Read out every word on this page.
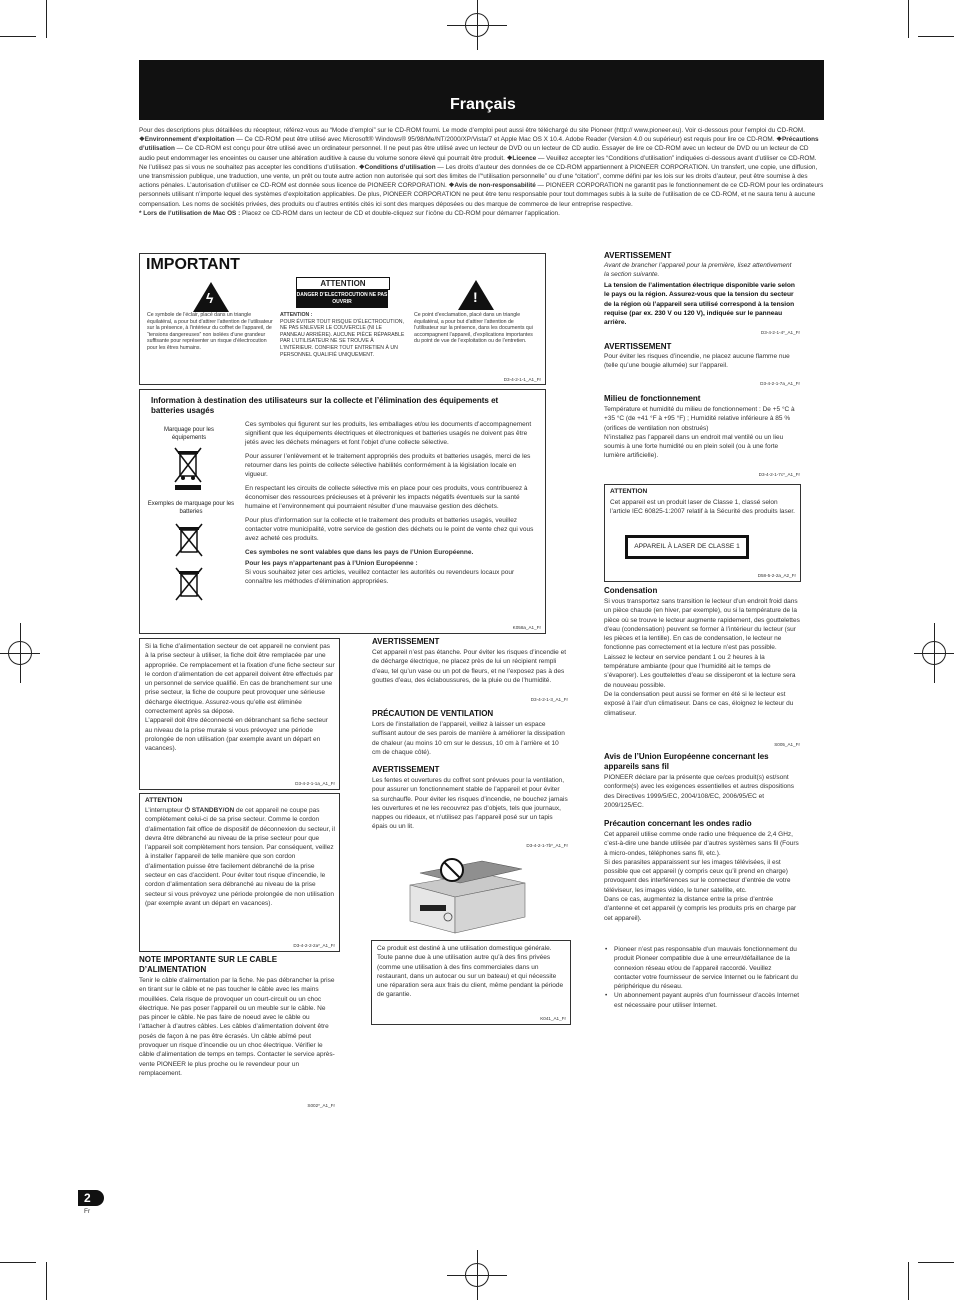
Français
Pour des descriptions plus détaillées du récepteur, référez-vous au “Mode d’emploi” sur le CD-ROM fourni. Le mode d’emploi peut aussi être téléchargé du site Pioneer (http:// www.pioneer.eu). Voir ci-dessous pour l’emploi du CD-ROM.
❖Environnement d’exploitation — Ce CD-ROM peut être utilisé avec Microsoft® Windows® 95/98/Me/NT/2000/XP/Vista/7 et Apple Mac OS X 10.4. Adobe Reader (Version 4.0 ou supérieur) est requis pour lire ce CD-ROM. ❖Précautions d’utilisation — Ce CD-ROM est conçu pour être utilisé avec un ordinateur personnel. Il ne peut pas être utilisé avec un lecteur de DVD ou un lecteur de CD audio. Essayer de lire ce CD-ROM avec un lecteur de DVD ou un lecteur de CD audio peut endommager les enceintes ou causer une altération auditive à cause du volume sonore élevé qui pourrait être produit. ❖Licence — Veuillez accepter les “Conditions d’utilisation” indiquées ci-dessous avant d’utiliser ce CD-ROM. Ne l’utilisez pas si vous ne souhaitez pas accepter les conditions d’utilisation. ❖Conditions d’utilisation — Les droits d’auteur des données de ce CD-ROM appartiennent à PIONEER CORPORATION. Un transfert, une copie, une diffusion, une transmission publique, une traduction, une vente, un prêt ou toute autre action non autorisée qui sort des limites de l’“utilisation personnelle” ou d’une “citation”, comme défini par les lois sur les droits d’auteur, peut être soumise à des actions pénales. L’autorisation d’utiliser ce CD-ROM est donnée sous licence de PIONEER CORPORATION. ❖Avis de non-responsabilité — PIONEER CORPORATION ne garantit pas le fonctionnement de ce CD-ROM pour les ordinateurs personnels utilisant n’importe lequel des systèmes d’exploitation applicables. De plus, PIONEER CORPORATION ne peut être tenu responsable pour tout dommages subis à la suite de l’utilisation de ce CD-ROM, et ne saura tenu à aucune compensation. Les noms de sociétés privées, des produits ou d’autres entités cités ici sont des marques déposées ou des marque de commerce de leur entreprise respective.
* Lors de l’utilisation de Mac OS : Placez ce CD-ROM dans un lecteur de CD et double-cliquez sur l’icône du CD-ROM pour démarrer l’application.
IMPORTANT
ϟ
ATTENTION
DANGER D’ELECTROCUTION NE PAS OUVRIR	!
Ce symbole de l’éclair, placé dans un triangle équilatéral, a pour but d’attirer l’attention de l’utilisateur sur la présence, à l’intérieur du coffret de l’appareil, de “tensions dangereuses” non isolées d’une grandeur suffisante pour représenter un risque d’électrocution pour les êtres humains.
ATTENTION :
POUR ÉVITER TOUT RISQUE D’ÉLECTROCUTION, NE PAS ENLEVER LE COUVERCLE (NI LE PANNEAU ARRIÈRE). AUCUNE PIÈCE RÉPARABLE PAR L’UTILISATEUR NE SE TROUVE À L’INTÉRIEUR. CONFIER TOUT ENTRETIEN À UN PERSONNEL QUALIFIÉ UNIQUEMENT.
Ce point d’exclamation, placé dans un triangle équilatéral, a pour but d’attirer l’attention de l’utilisateur sur la présence, dans les documents qui accompagnent l’appareil, d’explications importantes du point de vue de l’exploitation ou de l’entretien.
D3-4-2-1-1_A1_Fr
Information à destination des utilisateurs sur la collecte et l’élimination des équipements et batteries usagés
Marquage pour les équipements
Exemples de marquage pour les batteries
Ces symboles qui figurent sur les produits, les emballages et/ou les documents d’accompagnement signifient que les équipements électriques et électroniques et batteries usagés ne doivent pas être jetés avec les déchets ménagers et font l’objet d’une collecte sélective.
Pour assurer l’enlèvement et le traitement appropriés des produits et batteries usagés, merci de les retourner dans les points de collecte sélective habilités conformément à la législation locale en vigueur.
En respectant les circuits de collecte sélective mis en place pour ces produits, vous contribuerez à économiser des ressources précieuses et à prévenir les impacts négatifs éventuels sur la santé humaine et l’environnement qui pourraient résulter d’une mauvaise gestion des déchets.
Pour plus d’information sur la collecte et le traitement des produits et batteries usagés, veuillez contacter votre municipalité, votre service de gestion des déchets ou le point de vente chez qui vous avez acheté ces produits.
Ces symboles ne sont valables que dans les pays de l’Union Européenne.
Pour les pays n’appartenant pas à l’Union Européenne :
Si vous souhaitez jeter ces articles, veuillez contacter les autorités ou revendeurs locaux pour connaître les méthodes d’élimination appropriées.
K058a_A1_Fr
Si la fiche d’alimentation secteur de cet appareil ne convient pas à la prise secteur à utiliser, la fiche doit être remplacée par une appropriée. Ce remplacement et la fixation d’une fiche secteur sur le cordon d’alimentation de cet appareil doivent être effectués par un personnel de service qualifié. En cas de branchement sur une prise secteur, la fiche de coupure peut provoquer une sérieuse décharge électrique. Assurez-vous qu’elle est éliminée correctement après sa dépose.
L’appareil doit être déconnecté en débranchant sa fiche secteur au niveau de la prise murale si vous prévoyez une période prolongée de non utilisation (par exemple avant un départ en vacances).
D3-4-2-1-1a_A1_Fr
ATTENTION
L’interrupteur ⏻ STANDBY/ON de cet appareil ne coupe pas complètement celui-ci de sa prise secteur. Comme le cordon d’alimentation fait office de dispositif de déconnexion du secteur, il devra être débranché au niveau de la prise secteur pour que l’appareil soit complètement hors tension. Par conséquent, veillez à installer l’appareil de telle manière que son cordon d’alimentation puisse être facilement débranché de la prise secteur en cas d’accident. Pour éviter tout risque d’incendie, le cordon d’alimentation sera débranché au niveau de la prise secteur si vous prévoyez une période prolongée de non utilisation (par exemple avant un départ en vacances).
D3-4-2-2-2a*_A1_Fr
NOTE IMPORTANTE SUR LE CABLE D’ALIMENTATION
Tenir le câble d’alimentation par la fiche. Ne pas débrancher la prise en tirant sur le câble et ne pas toucher le câble avec les mains mouillées. Cela risque de provoquer un court-circuit ou un choc électrique. Ne pas poser l’appareil ou un meuble sur le câble. Ne pas pincer le câble. Ne pas faire de noeud avec le câble ou l’attacher à d’autres câbles. Les câbles d’alimentation doivent être posés de façon à ne pas être écrasés. Un câble abîmé peut provoquer un risque d’incendie ou un choc électrique. Vérifier le câble d’alimentation de temps en temps. Contacter le service après-vente PIONEER le plus proche ou le revendeur pour un remplacement.
S002*_A1_Fr
AVERTISSEMENT
Cet appareil n’est pas étanche. Pour éviter les risques d’incendie et de décharge électrique, ne placez près de lui un récipient rempli d’eau, tel qu’un vase ou un pot de fleurs, et ne l’exposez pas à des gouttes d’eau, des éclaboussures, de la pluie ou de l’humidité.
D3-4-2-1-3_A1_Fr
PRÉCAUTION DE VENTILATION
Lors de l’installation de l’appareil, veillez à laisser un espace suffisant autour de ses parois de manière à améliorer la dissipation de chaleur (au moins 10 cm sur le dessus, 10 cm à l’arrière et 10 cm de chaque côté).
AVERTISSEMENT
Les fentes et ouvertures du coffret sont prévues pour la ventilation, pour assurer un fonctionnement stable de l’appareil et pour éviter sa surchauffe. Pour éviter les risques d’incendie, ne bouchez jamais les ouvertures et ne les recouvrez pas d’objets, tels que journaux, nappes ou rideaux, et n’utilisez pas l’appareil posé sur un tapis épais ou un lit.
D3-4-2-1-7b*_A1_Fr
Ce produit est destiné à une utilisation domestique générale. Toute panne due à une utilisation autre qu’à des fins privées (comme une utilisation à des fins commerciales dans un restaurant, dans un autocar ou sur un bateau) et qui nécessite une réparation sera aux frais du client, même pendant la période de garantie.
K041_A1_Fr
AVERTISSEMENT
Avant de brancher l’appareil pour la première, lisez attentivement la section suivante.
La tension de l’alimentation électrique disponible varie selon le pays ou la région. Assurez-vous que la tension du secteur de la région où l’appareil sera utilisé correspond à la tension requise (par ex. 230 V ou 120 V), indiquée sur le panneau arrière.
D3-4-2-1-4*_A1_Fr
AVERTISSEMENT
Pour éviter les risques d’incendie, ne placez aucune flamme nue (telle qu’une bougie allumée) sur l’appareil.
D3-4-2-1-7a_A1_Fr
Milieu de fonctionnement
Température et humidité du milieu de fonctionnement : De +5 °C à +35 °C (de +41 °F à +95 °F) ; Humidité relative inférieure à 85 % (orifices de ventilation non obstrués)
N’installez pas l’appareil dans un endroit mal ventilé ou un lieu soumis à une forte humidité ou en plein soleil (ou à une forte lumière artificielle).
D3-4-2-1-7c*_A1_Fr
ATTENTION
Cet appareil est un produit laser de Classe 1, classé selon l’article IEC 60825-1:2007 relatif à la Sécurité des produits laser.
APPAREIL À LASER DE CLASSE 1
D58-5-2-2a_A2_Fr
Condensation
Si vous transportez sans transition le lecteur d’un endroit froid dans un pièce chaude (en hiver, par exemple), ou si la température de la pièce où se trouve le lecteur augmente rapidement, des gouttelettes d’eau (condensation) peuvent se former à l’intérieur du lecteur (sur les pièces et la lentille). En cas de condensation, le lecteur ne fonctionne pas correctement et la lecture n’est pas possible. Laissez le lecteur en service pendant 1 ou 2 heures à la température ambiante (pour que l’humidité ait le temps de s’évaporer). Les gouttelettes d’eau se dissiperont et la lecture sera de nouveau possible.
De la condensation peut aussi se former en été si le lecteur est exposé à l’air d’un climatiseur. Dans ce cas, éloignez le lecteur du climatiseur.
S005_A1_Fr
Avis de l’Union Européenne concernant les appareils sans fil
PIONEER déclare par la présente que ce/ces produit(s) est/sont conforme(s) avec les exigences essentielles et autres dispositions des Directives 1999/5/EC, 2004/108/EC, 2006/95/EC et 2009/125/EC.
Précaution concernant les ondes radio
Cet appareil utilise comme onde radio une fréquence de 2,4 GHz, c’est-à-dire une bande utilisée par d’autres systèmes sans fil (Fours à micro-ondes, téléphones sans fil, etc.).
Si des parasites apparaissent sur les images télévisées, il est possible que cet appareil (y compris ceux qu’il prend en charge) provoquent des interférences sur le connecteur d’entrée de votre téléviseur, les images vidéo, le tuner satellite, etc.
Dans ce cas, augmentez la distance entre la prise d’entrée d’antenne et cet appareil (y compris les produits pris en charge par cet appareil).
• Pioneer n’est pas responsable d’un mauvais fonctionnement du produit Pioneer compatible due à une erreur/défaillance de la connexion réseau et/ou de l’appareil raccordé. Veuillez contacter votre fournisseur de service Internet ou le fabricant du périphérique du réseau.
• Un abonnement payant auprès d’un fournisseur d’accès Internet est nécessaire pour utiliser Internet.
2
Fr
